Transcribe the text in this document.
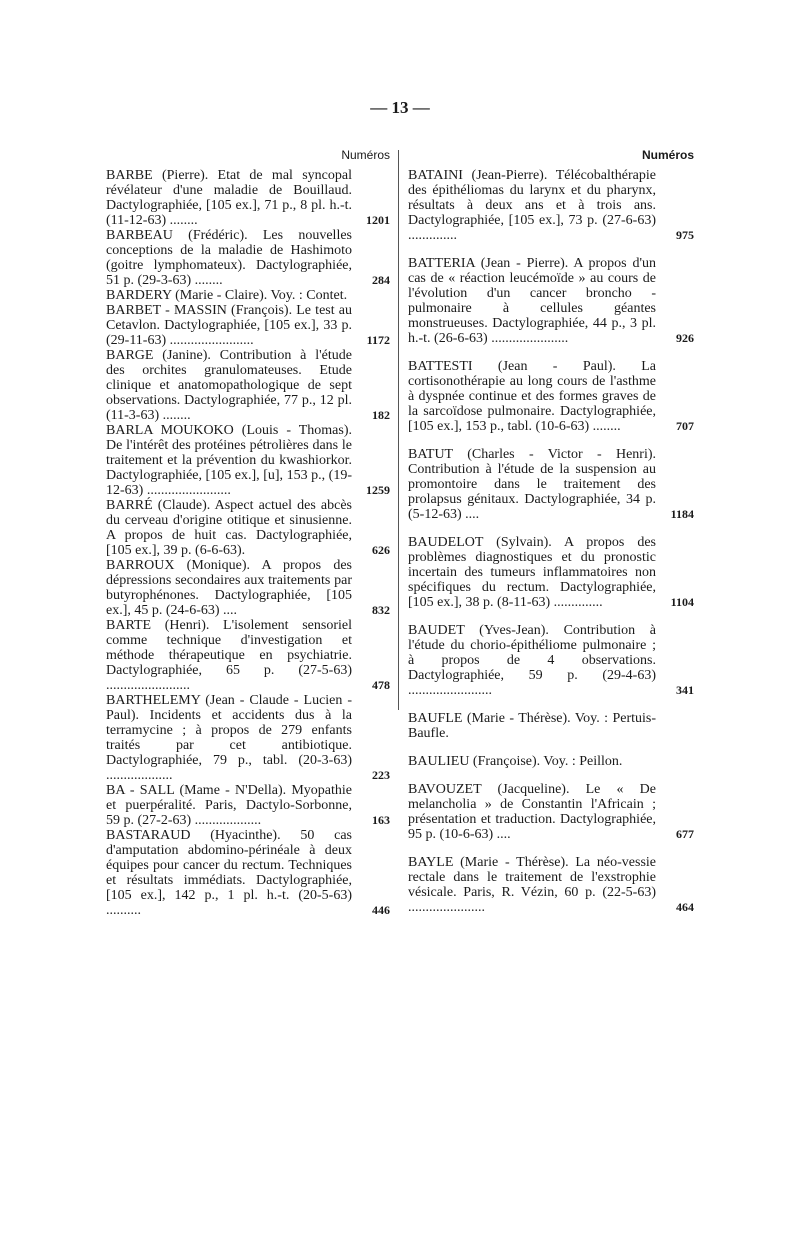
— 13 —
Numéros
BARBE (Pierre). Etat de mal syncopal révélateur d'une maladie de Bouillaud. Dactylographiée, [105 ex.], 71 p., 8 pl. h.-t. (11-12-63) ........	1201
BARBEAU (Frédéric). Les nouvelles conceptions de la maladie de Hashimoto (goitre lymphomateux). Dactylographiée, 51 p. (29-3-63) ........	284
BARDERY (Marie - Claire). Voy. : Contet.
BARBET - MASSIN (François). Le test au Cetavlon. Dactylographiée, [105 ex.], 33 p. (29-11-63) ........................	1172
BARGE (Janine). Contribution à l'étude des orchites granulomateuses. Etude clinique et anatomopathologique de sept observations. Dactylographiée, 77 p., 12 pl. (11-3-63) ........	182
BARLA MOUKOKO (Louis - Thomas). De l'intérêt des protéines pétrolières dans le traitement et la prévention du kwashiorkor. Dactylographiée, [105 ex.], [u], 153 p., (19-12-63) ........................	1259
BARRÉ (Claude). Aspect actuel des abcès du cerveau d'origine otitique et sinusienne. A propos de huit cas. Dactylographiée, [105 ex.], 39 p. (6-6-63).	626
BARROUX (Monique). A propos des dépressions secondaires aux traitements par butyrophénones. Dactylographiée, [105 ex.], 45 p. (24-6-63) ....	832
BARTE (Henri). L'isolement sensoriel comme technique d'investigation et méthode thérapeutique en psychiatrie. Dactylographiée, 65 p. (27-5-63) ........................	478
BARTHELEMY (Jean - Claude - Lucien - Paul). Incidents et accidents dus à la terramycine ; à propos de 279 enfants traités par cet antibiotique. Dactylographiée, 79 p., tabl. (20-3-63) ...................	223
BA - SALL (Mame - N'Della). Myopathie et puerpéralité. Paris, Dactylo-Sorbonne, 59 p. (27-2-63) ...................	163
BASTARAUD (Hyacinthe). 50 cas d'amputation abdomino-périnéale à deux équipes pour cancer du rectum. Techniques et résultats immédiats. Dactylographiée, [105 ex.], 142 p., 1 pl. h.-t. (20-5-63) ..........	446
Numéros
BATAINI (Jean-Pierre). Télécobalthérapie des épithéliomas du larynx et du pharynx, résultats à deux ans et à trois ans. Dactylographiée, [105 ex.], 73 p. (27-6-63) ..............	975
BATTERIA (Jean - Pierre). A propos d'un cas de « réaction leucémoïde » au cours de l'évolution d'un cancer broncho - pulmonaire à cellules géantes monstrueuses. Dactylographiée, 44 p., 3 pl. h.-t. (26-6-63) ......................	926
BATTESTI (Jean - Paul). La cortisonothérapie au long cours de l'asthme à dyspnée continue et des formes graves de la sarcoïdose pulmonaire. Dactylographiée, [105 ex.], 153 p., tabl. (10-6-63) ........	707
BATUT (Charles - Victor - Henri). Contribution à l'étude de la suspension au promontoire dans le traitement des prolapsus génitaux. Dactylographiée, 34 p. (5-12-63) ....	1184
BAUDELOT (Sylvain). A propos des problèmes diagnostiques et du pronostic incertain des tumeurs inflammatoires non spécifiques du rectum. Dactylographiée, [105 ex.], 38 p. (8-11-63) ..............	1104
BAUDET (Yves-Jean). Contribution à l'étude du chorio-épithéliome pulmonaire ; à propos de 4 observations. Dactylographiée, 59 p. (29-4-63) ........................	341
BAUFLE (Marie - Thérèse). Voy. : Pertuis-Baufle.
BAULIEU (Françoise). Voy. : Peillon.
BAVOUZET (Jacqueline). Le « De melancholia » de Constantin l'Africain ; présentation et traduction. Dactylographiée, 95 p. (10-6-63) ....	677
BAYLE (Marie - Thérèse). La néo-vessie rectale dans le traitement de l'exstrophie vésicale. Paris, R. Vézin, 60 p. (22-5-63) ......................	464
